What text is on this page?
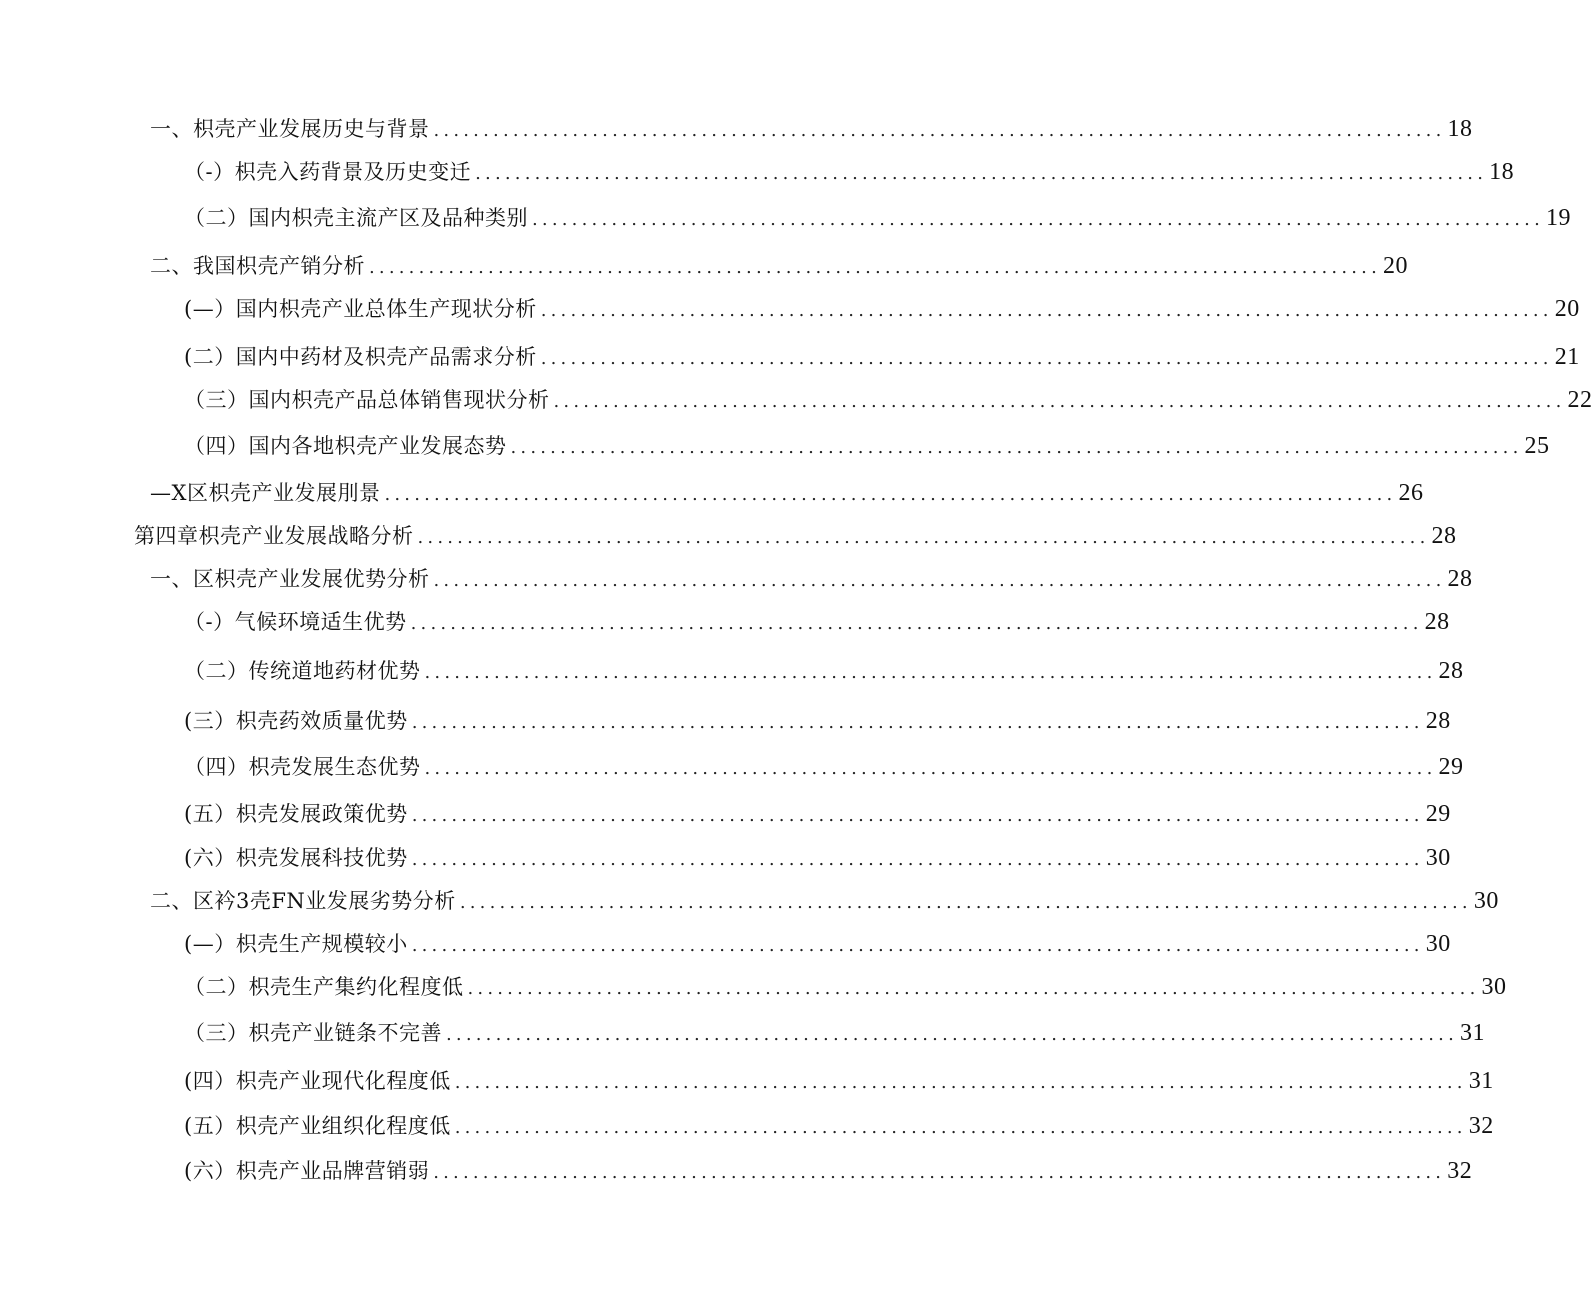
一、枳壳产业发展历史与背景 ...................................................................................................... 18
（-）枳壳入药背景及历史变迁 ...................................................................................................... 18
（二）国内枳壳主流产区及品种类别 ...................................................................................................... 19
二、我国枳壳产销分析 ...................................................................................................... 20
(—）国内枳壳产业总体生产现状分析 ...................................................................................................... 20
(二）国内中药材及枳壳产品需求分析 ...................................................................................................... 21
（三）国内枳壳产品总体销售现状分析 ...................................................................................................... 22
（四）国内各地枳壳产业发展态势 ...................................................................................................... 25
—X区枳壳产业发展刖景 ...................................................................................................... 26
第四章枳壳产业发展战略分析 ...................................................................................................... 28
一、区枳壳产业发展优势分析 ...................................................................................................... 28
（-）气候环境适生优势 ...................................................................................................... 28
（二）传统道地药材优势 ...................................................................................................... 28
(三）枳壳药效质量优势 ...................................................................................................... 28
（四）枳壳发展生态优势 ...................................................................................................... 29
(五）枳壳发展政策优势 ...................................................................................................... 29
(六）枳壳发展科技优势 ...................................................................................................... 30
二、区衿3壳FN业发展劣势分析 ...................................................................................................... 30
(—）枳壳生产规模较小 ...................................................................................................... 30
（二）枳壳生产集约化程度低 ...................................................................................................... 30
（三）枳壳产业链条不完善 ...................................................................................................... 31
(四）枳壳产业现代化程度低 ...................................................................................................... 31
(五）枳壳产业组织化程度低 ...................................................................................................... 32
(六）枳壳产业品牌营销弱 ...................................................................................................... 32
